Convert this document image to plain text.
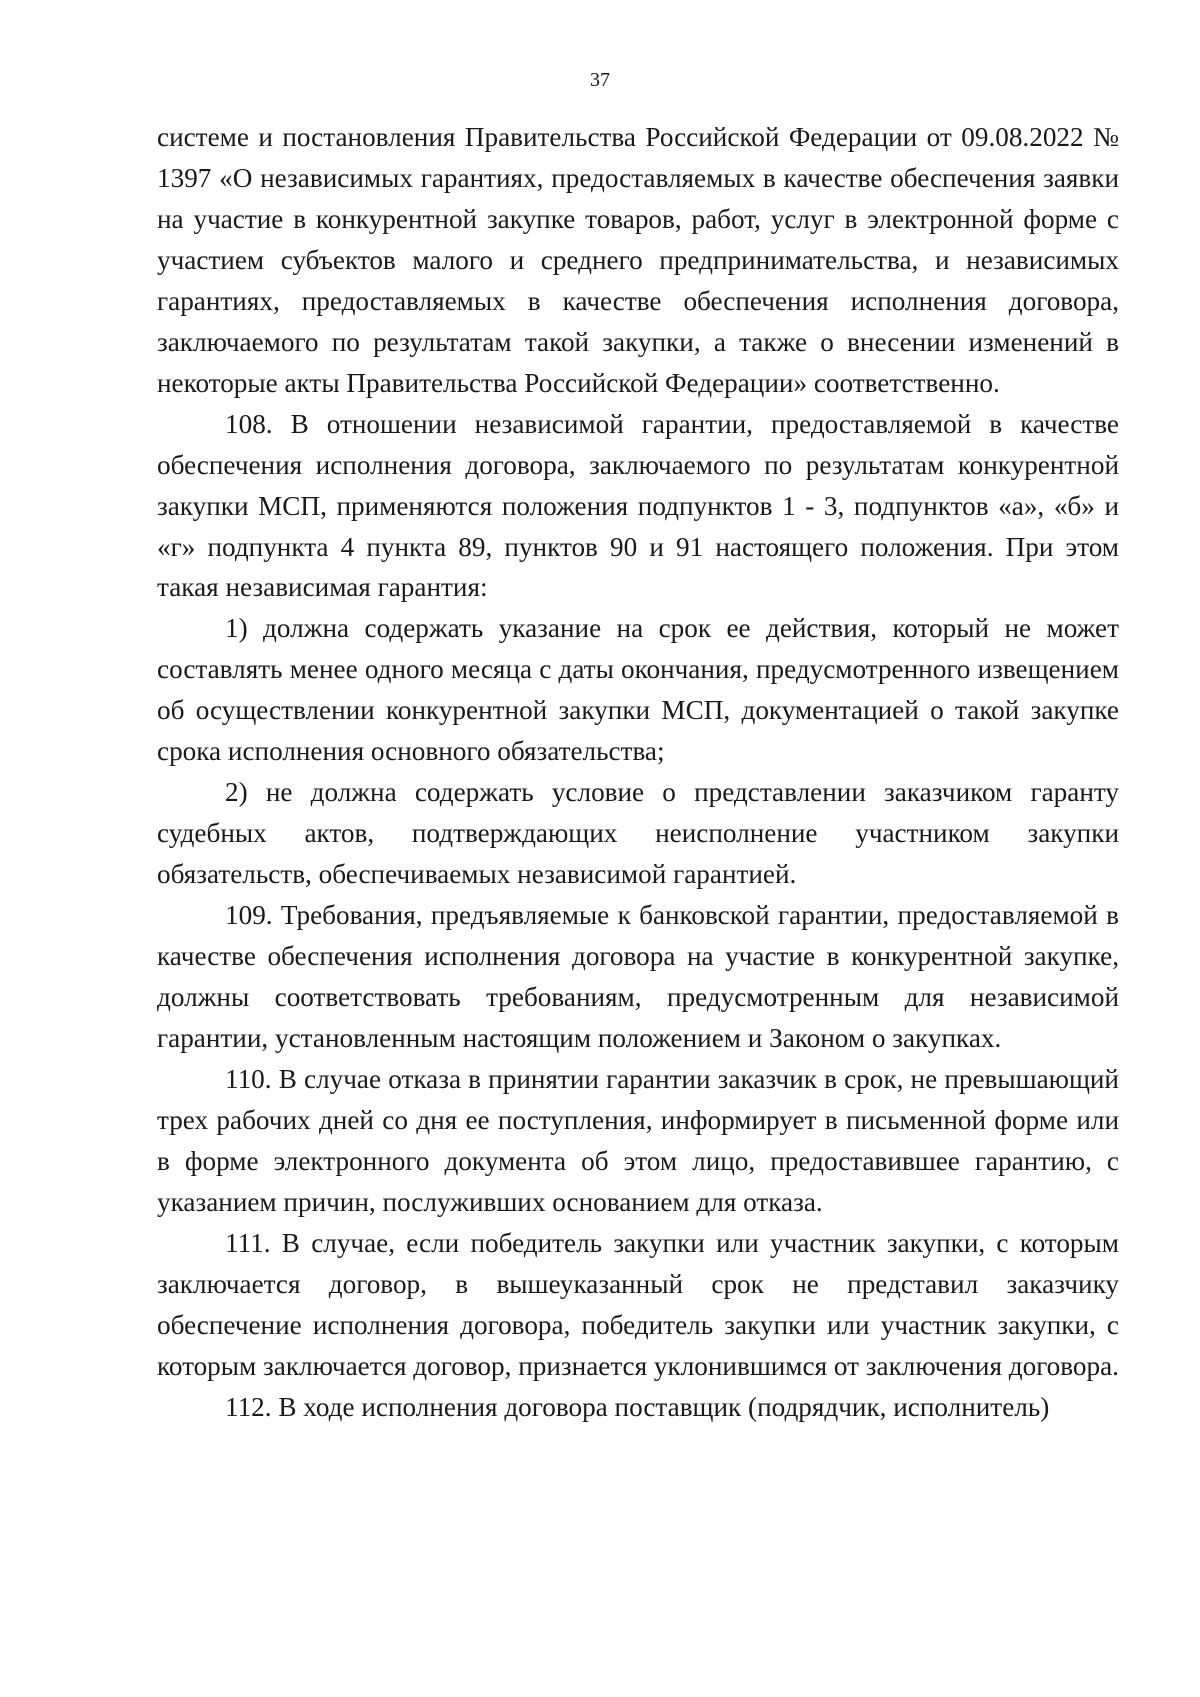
37

системе и постановления Правительства Российской Федерации от 09.08.2022 № 1397 «О независимых гарантиях, предоставляемых в качестве обеспечения заявки на участие в конкурентной закупке товаров, работ, услуг в электронной форме с участием субъектов малого и среднего предпринимательства, и независимых гарантиях, предоставляемых в качестве обеспечения исполнения договора, заключаемого по результатам такой закупки, а также о внесении изменений в некоторые акты Правительства Российской Федерации» соответственно.

108. В отношении независимой гарантии, предоставляемой в качестве обеспечения исполнения договора, заключаемого по результатам конкурентной закупки МСП, применяются положения подпунктов 1 - 3, подпунктов «а», «б» и «г» подпункта 4 пункта 89, пунктов 90 и 91 настоящего положения. При этом такая независимая гарантия:

1) должна содержать указание на срок ее действия, который не может составлять менее одного месяца с даты окончания, предусмотренного извещением об осуществлении конкурентной закупки МСП, документацией о такой закупке срока исполнения основного обязательства;

2) не должна содержать условие о представлении заказчиком гаранту судебных актов, подтверждающих неисполнение участником закупки обязательств, обеспечиваемых независимой гарантией.

109. Требования, предъявляемые к банковской гарантии, предоставляемой в качестве обеспечения исполнения договора на участие в конкурентной закупке, должны соответствовать требованиям, предусмотренным для независимой гарантии, установленным настоящим положением и Законом о закупках.

110. В случае отказа в принятии гарантии заказчик в срок, не превышающий трех рабочих дней со дня ее поступления, информирует в письменной форме или в форме электронного документа об этом лицо, предоставившее гарантию, с указанием причин, послуживших основанием для отказа.

111. В случае, если победитель закупки или участник закупки, с которым заключается договор, в вышеуказанный срок не представил заказчику обеспечение исполнения договора, победитель закупки или участник закупки, с которым заключается договор, признается уклонившимся от заключения договора.

112. В ходе исполнения договора поставщик (подрядчик, исполнитель)
